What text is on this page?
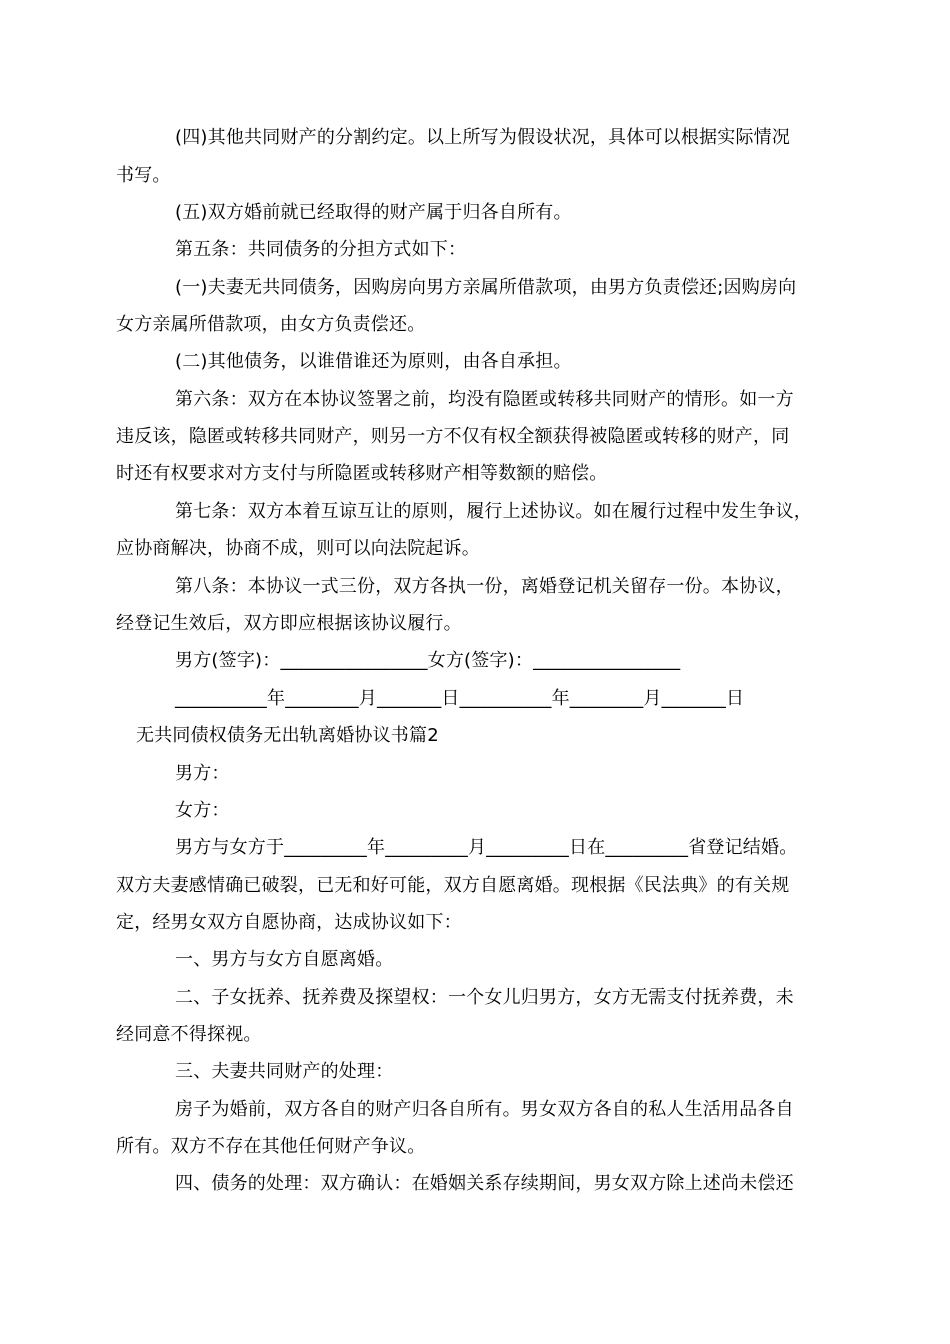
(四)其他共同财产的分割约定。以上所写为假设状况，具体可以根据实际情况
书写。
(五)双方婚前就已经取得的财产属于归各自所有。
第五条：共同债务的分担方式如下：
(一)夫妻无共同债务，因购房向男方亲属所借款项，由男方负责偿还;因购房向
女方亲属所借款项，由女方负责偿还。
(二)其他债务，以谁借谁还为原则，由各自承担。
第六条：双方在本协议签署之前，均没有隐匿或转移共同财产的情形。如一方
违反该，隐匿或转移共同财产，则另一方不仅有权全额获得被隐匿或转移的财产，同
时还有权要求对方支付与所隐匿或转移财产相等数额的赔偿。
第七条：双方本着互谅互让的原则，履行上述协议。如在履行过程中发生争议，
应协商解决，协商不成，则可以向法院起诉。
第八条：本协议一式三份，双方各执一份，离婚登记机关留存一份。本协议，
经登记生效后，双方即应根据该协议履行。
男方(签字)：________________女方(签字)：________________
__________年________月_______日__________年________月_______日
无共同债权债务无出轨离婚协议书篇2
男方：
女方：
男方与女方于_________年_________月_________日在_________省登记结婚。
双方夫妻感情确已破裂，已无和好可能，双方自愿离婚。现根据《民法典》的有关规
定，经男女双方自愿协商，达成协议如下：
一、男方与女方自愿离婚。
二、子女抚养、抚养费及探望权：一个女儿归男方，女方无需支付抚养费，未
经同意不得探视。
三、夫妻共同财产的处理：
房子为婚前，双方各自的财产归各自所有。男女双方各自的私人生活用品各自
所有。双方不存在其他任何财产争议。
四、债务的处理：双方确认：在婚姻关系存续期间，男女双方除上述尚未偿还
